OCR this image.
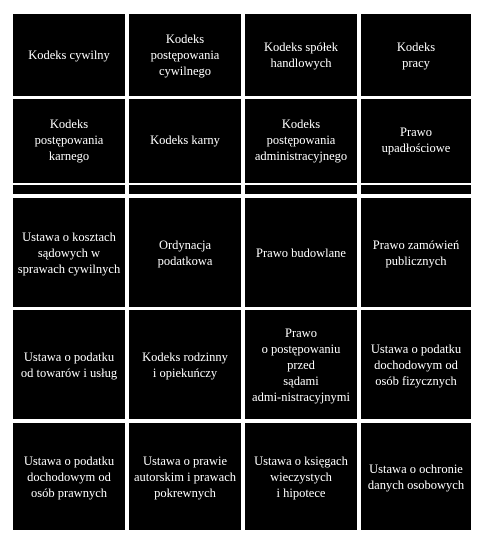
Kodeks cywilny
Kodeks
postępowania
cywilnego
Kodeks spółek
handlowych
Kodeks
pracy
Kodeks
postępowania
karnego
Kodeks karny
Kodeks
postępowania
administracyjnego
Prawo upadłościowe
Ustawa o kosztach
sądowych w
sprawach cywilnych
Ordynacja
podatkowa
Prawo budowlane
Prawo zamówień
publicznych
Ustawa o podatku
od towarów i usług
Kodeks rodzinny
i opiekuńczy
Prawo
o postępowaniu przed
sądami
admi-nistracyjnymi
Ustawa o podatku
dochodowym od
osób fizycznych
Ustawa o podatku
dochodowym od
osób prawnych
Ustawa o prawie
autorskim i prawach
pokrewnych
Ustawa o księgach
wieczystych
i hipotece
Ustawa o ochronie
danych osobowych
